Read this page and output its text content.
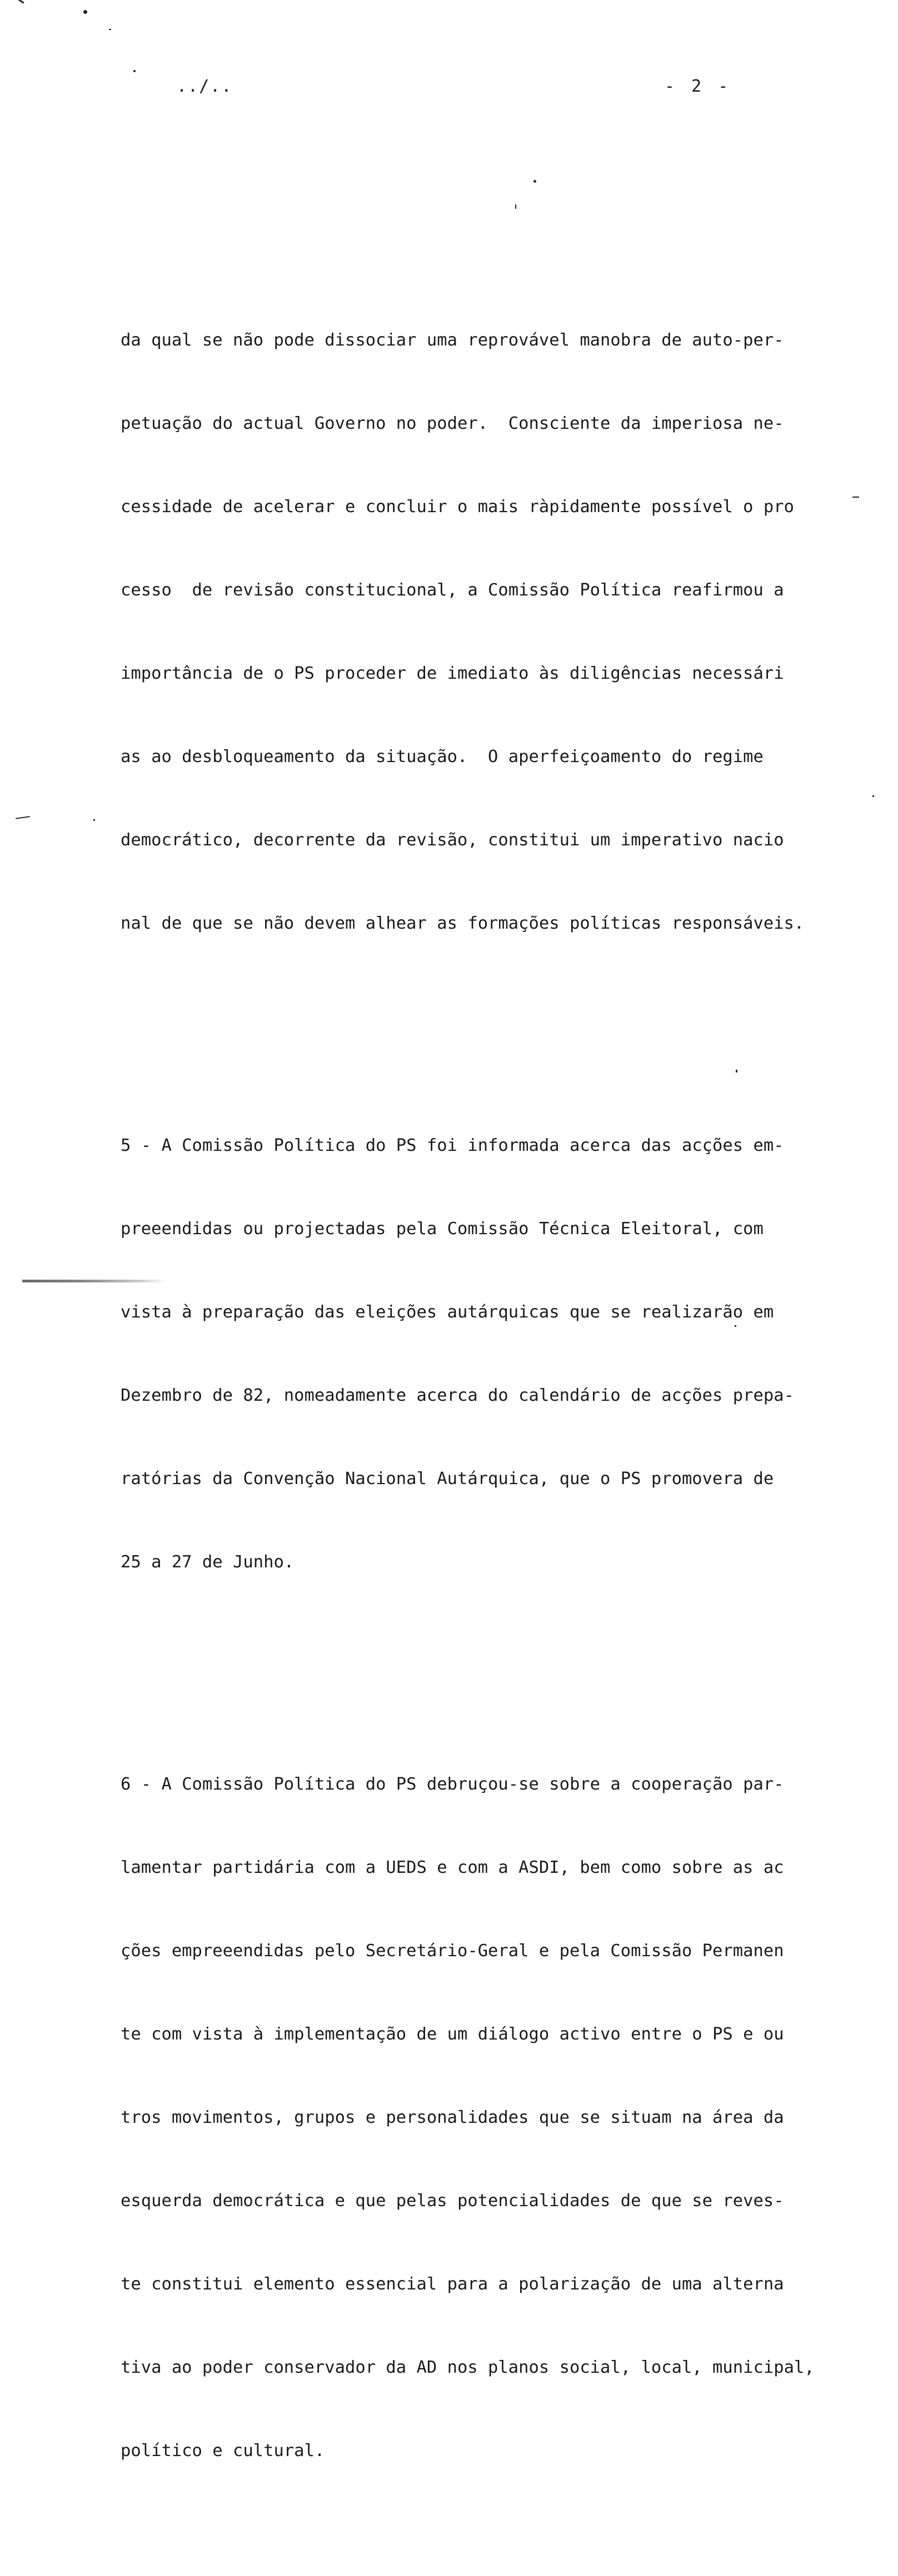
../..	- 2 -

da qual se não pode dissociar uma reprovável manobra de auto-per-

petuação do actual Governo no poder.  Consciente da imperiosa ne-

cessidade de acelerar e concluir o mais ràpidamente possível o pro

cesso  de revisão constitucional, a Comissão Política reafirmou a

importância de o PS proceder de imediato às diligências necessári

as ao desbloqueamento da situação.  O aperfeiçoamento do regime

democrático, decorrente da revisão, constitui um imperativo nacio

nal de que se não devem alhear as formações políticas responsáveis.

5 - A Comissão Política do PS foi informada acerca das acções em-

preeendidas ou projectadas pela Comissão Técnica Eleitoral, com

vista à preparação das eleições autárquicas que se realizarão em

Dezembro de 82, nomeadamente acerca do calendário de acções prepa-

ratórias da Convenção Nacional Autárquica, que o PS promovera de

25 a 27 de Junho.

6 - A Comissão Política do PS debruçou-se sobre a cooperação par-

lamentar partidária com a UEDS e com a ASDI, bem como sobre as ac

ções empreeendidas pelo Secretário-Geral e pela Comissão Permanen

te com vista à implementação de um diálogo activo entre o PS e ou

tros movimentos, grupos e personalidades que se situam na área da

esquerda democrática e que pelas potencialidades de que se reves-

te constitui elemento essencial para a polarização de uma alterna

tiva ao poder conservador da AD nos planos social, local, municipal,

político e cultural.
